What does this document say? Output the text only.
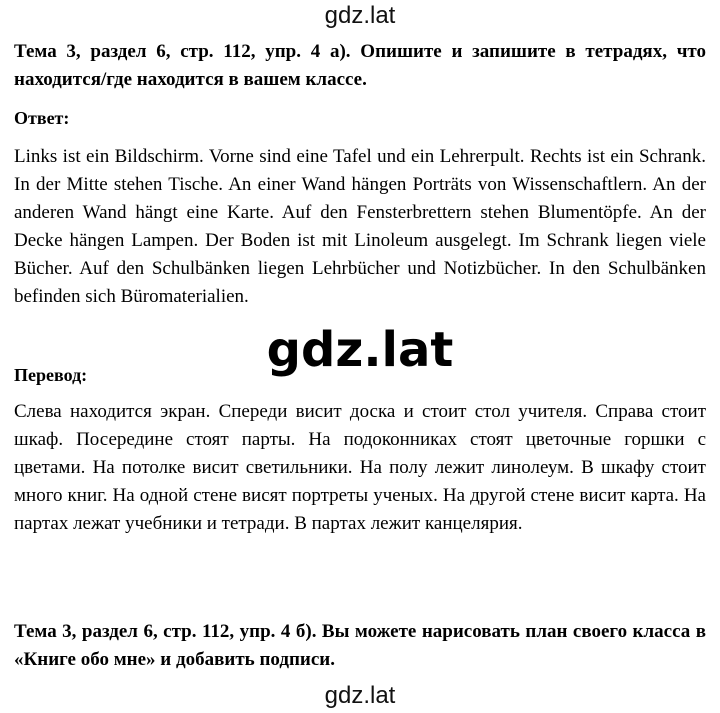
gdz.lat
Тема 3, раздел 6, стр. 112, упр. 4 а). Опишите и запишите в тетрадях, что находится/где находится в вашем классе.
Ответ:
Links ist ein Bildschirm. Vorne sind eine Tafel und ein Lehrerpult. Rechts ist ein Schrank. In der Mitte stehen Tische. An einer Wand hängen Porträts von Wissenschaftlern. An der anderen Wand hängt eine Karte. Auf den Fensterbrettern stehen Blumentöpfe. An der Decke hängen Lampen. Der Boden ist mit Linoleum ausgelegt. Im Schrank liegen viele Bücher. Auf den Schulbänken liegen Lehrbücher und Notizbücher. In den Schulbänken befinden sich Büromaterialien.
gdz.lat
Перевод:
Слева находится экран. Спереди висит доска и стоит стол учителя. Справа стоит шкаф. Посередине стоят парты. На подоконниках стоят цветочные горшки с цветами. На потолке висит светильники. На полу лежит линолеум. В шкафу стоит много книг. На одной стене висят портреты ученых. На другой стене висит карта. На партах лежат учебники и тетради. В партах лежит канцелярия.
Тема 3, раздел 6, стр. 112, упр. 4 б). Вы можете нарисовать план своего класса в «Книге обо мне» и добавить подписи.
gdz.lat
